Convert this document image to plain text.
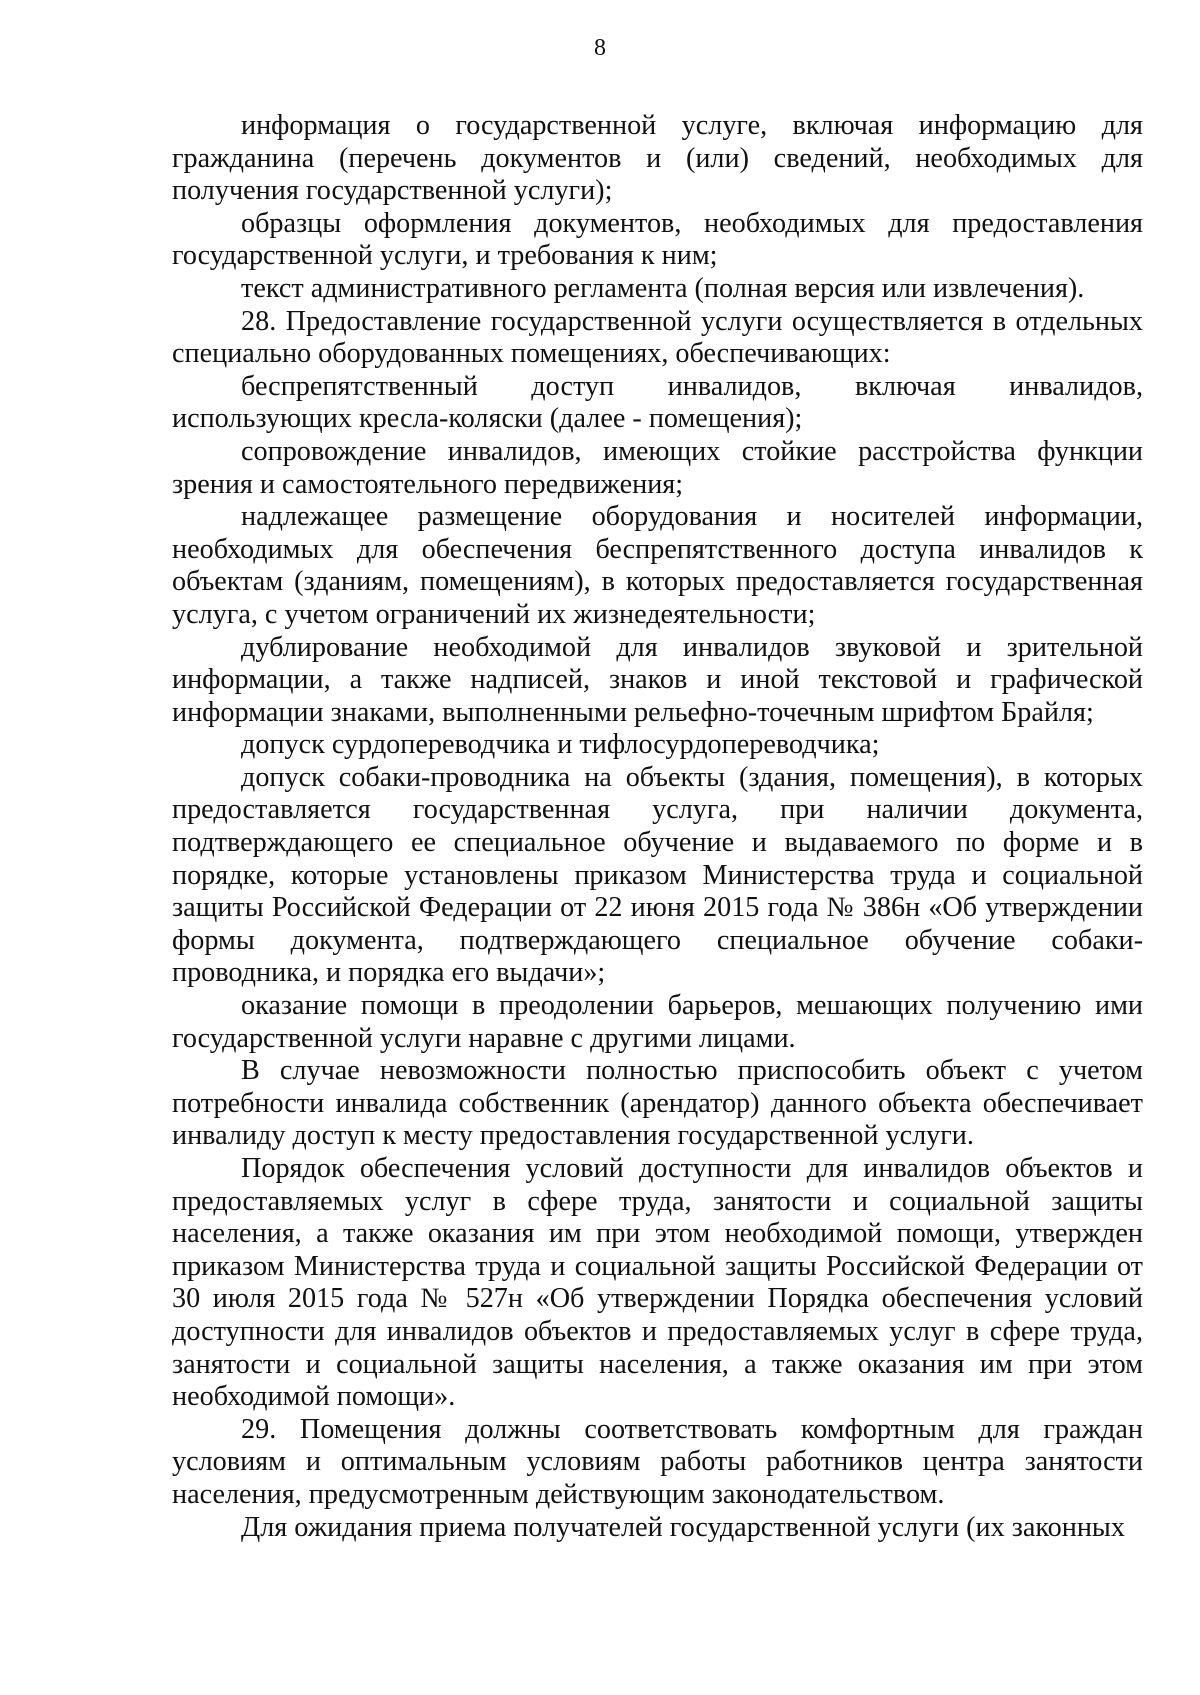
8

информация о государственной услуге, включая информацию для гражданина (перечень документов и (или) сведений, необходимых для получения государственной услуги);

образцы оформления документов, необходимых для предоставления государственной услуги, и требования к ним;

текст административного регламента (полная версия или извлечения).

28. Предоставление государственной услуги осуществляется в отдельных специально оборудованных помещениях, обеспечивающих:

беспрепятственный доступ инвалидов, включая инвалидов, использующих кресла-коляски (далее - помещения);

сопровождение инвалидов, имеющих стойкие расстройства функции зрения и самостоятельного передвижения;

надлежащее размещение оборудования и носителей информации, необходимых для обеспечения беспрепятственного доступа инвалидов к объектам (зданиям, помещениям), в которых предоставляется государственная услуга, с учетом ограничений их жизнедеятельности;

дублирование необходимой для инвалидов звуковой и зрительной информации, а также надписей, знаков и иной текстовой и графической информации знаками, выполненными рельефно-точечным шрифтом Брайля;

допуск сурдопереводчика и тифлосурдопереводчика;

допуск собаки-проводника на объекты (здания, помещения), в которых предоставляется государственная услуга, при наличии документа, подтверждающего ее специальное обучение и выдаваемого по форме и в порядке, которые установлены приказом Министерства труда и социальной защиты Российской Федерации от 22 июня 2015 года № 386н «Об утверждении формы документа, подтверждающего специальное обучение собаки-проводника, и порядка его выдачи»;

оказание помощи в преодолении барьеров, мешающих получению ими государственной услуги наравне с другими лицами.

В случае невозможности полностью приспособить объект с учетом потребности инвалида собственник (арендатор) данного объекта обеспечивает инвалиду доступ к месту предоставления государственной услуги.

Порядок обеспечения условий доступности для инвалидов объектов и предоставляемых услуг в сфере труда, занятости и социальной защиты населения, а также оказания им при этом необходимой помощи, утвержден приказом Министерства труда и социальной защиты Российской Федерации от 30 июля 2015 года № 527н «Об утверждении Порядка обеспечения условий доступности для инвалидов объектов и предоставляемых услуг в сфере труда, занятости и социальной защиты населения, а также оказания им при этом необходимой помощи».

29. Помещения должны соответствовать комфортным для граждан условиям и оптимальным условиям работы работников центра занятости населения, предусмотренным действующим законодательством.

Для ожидания приема получателей государственной услуги (их законных
